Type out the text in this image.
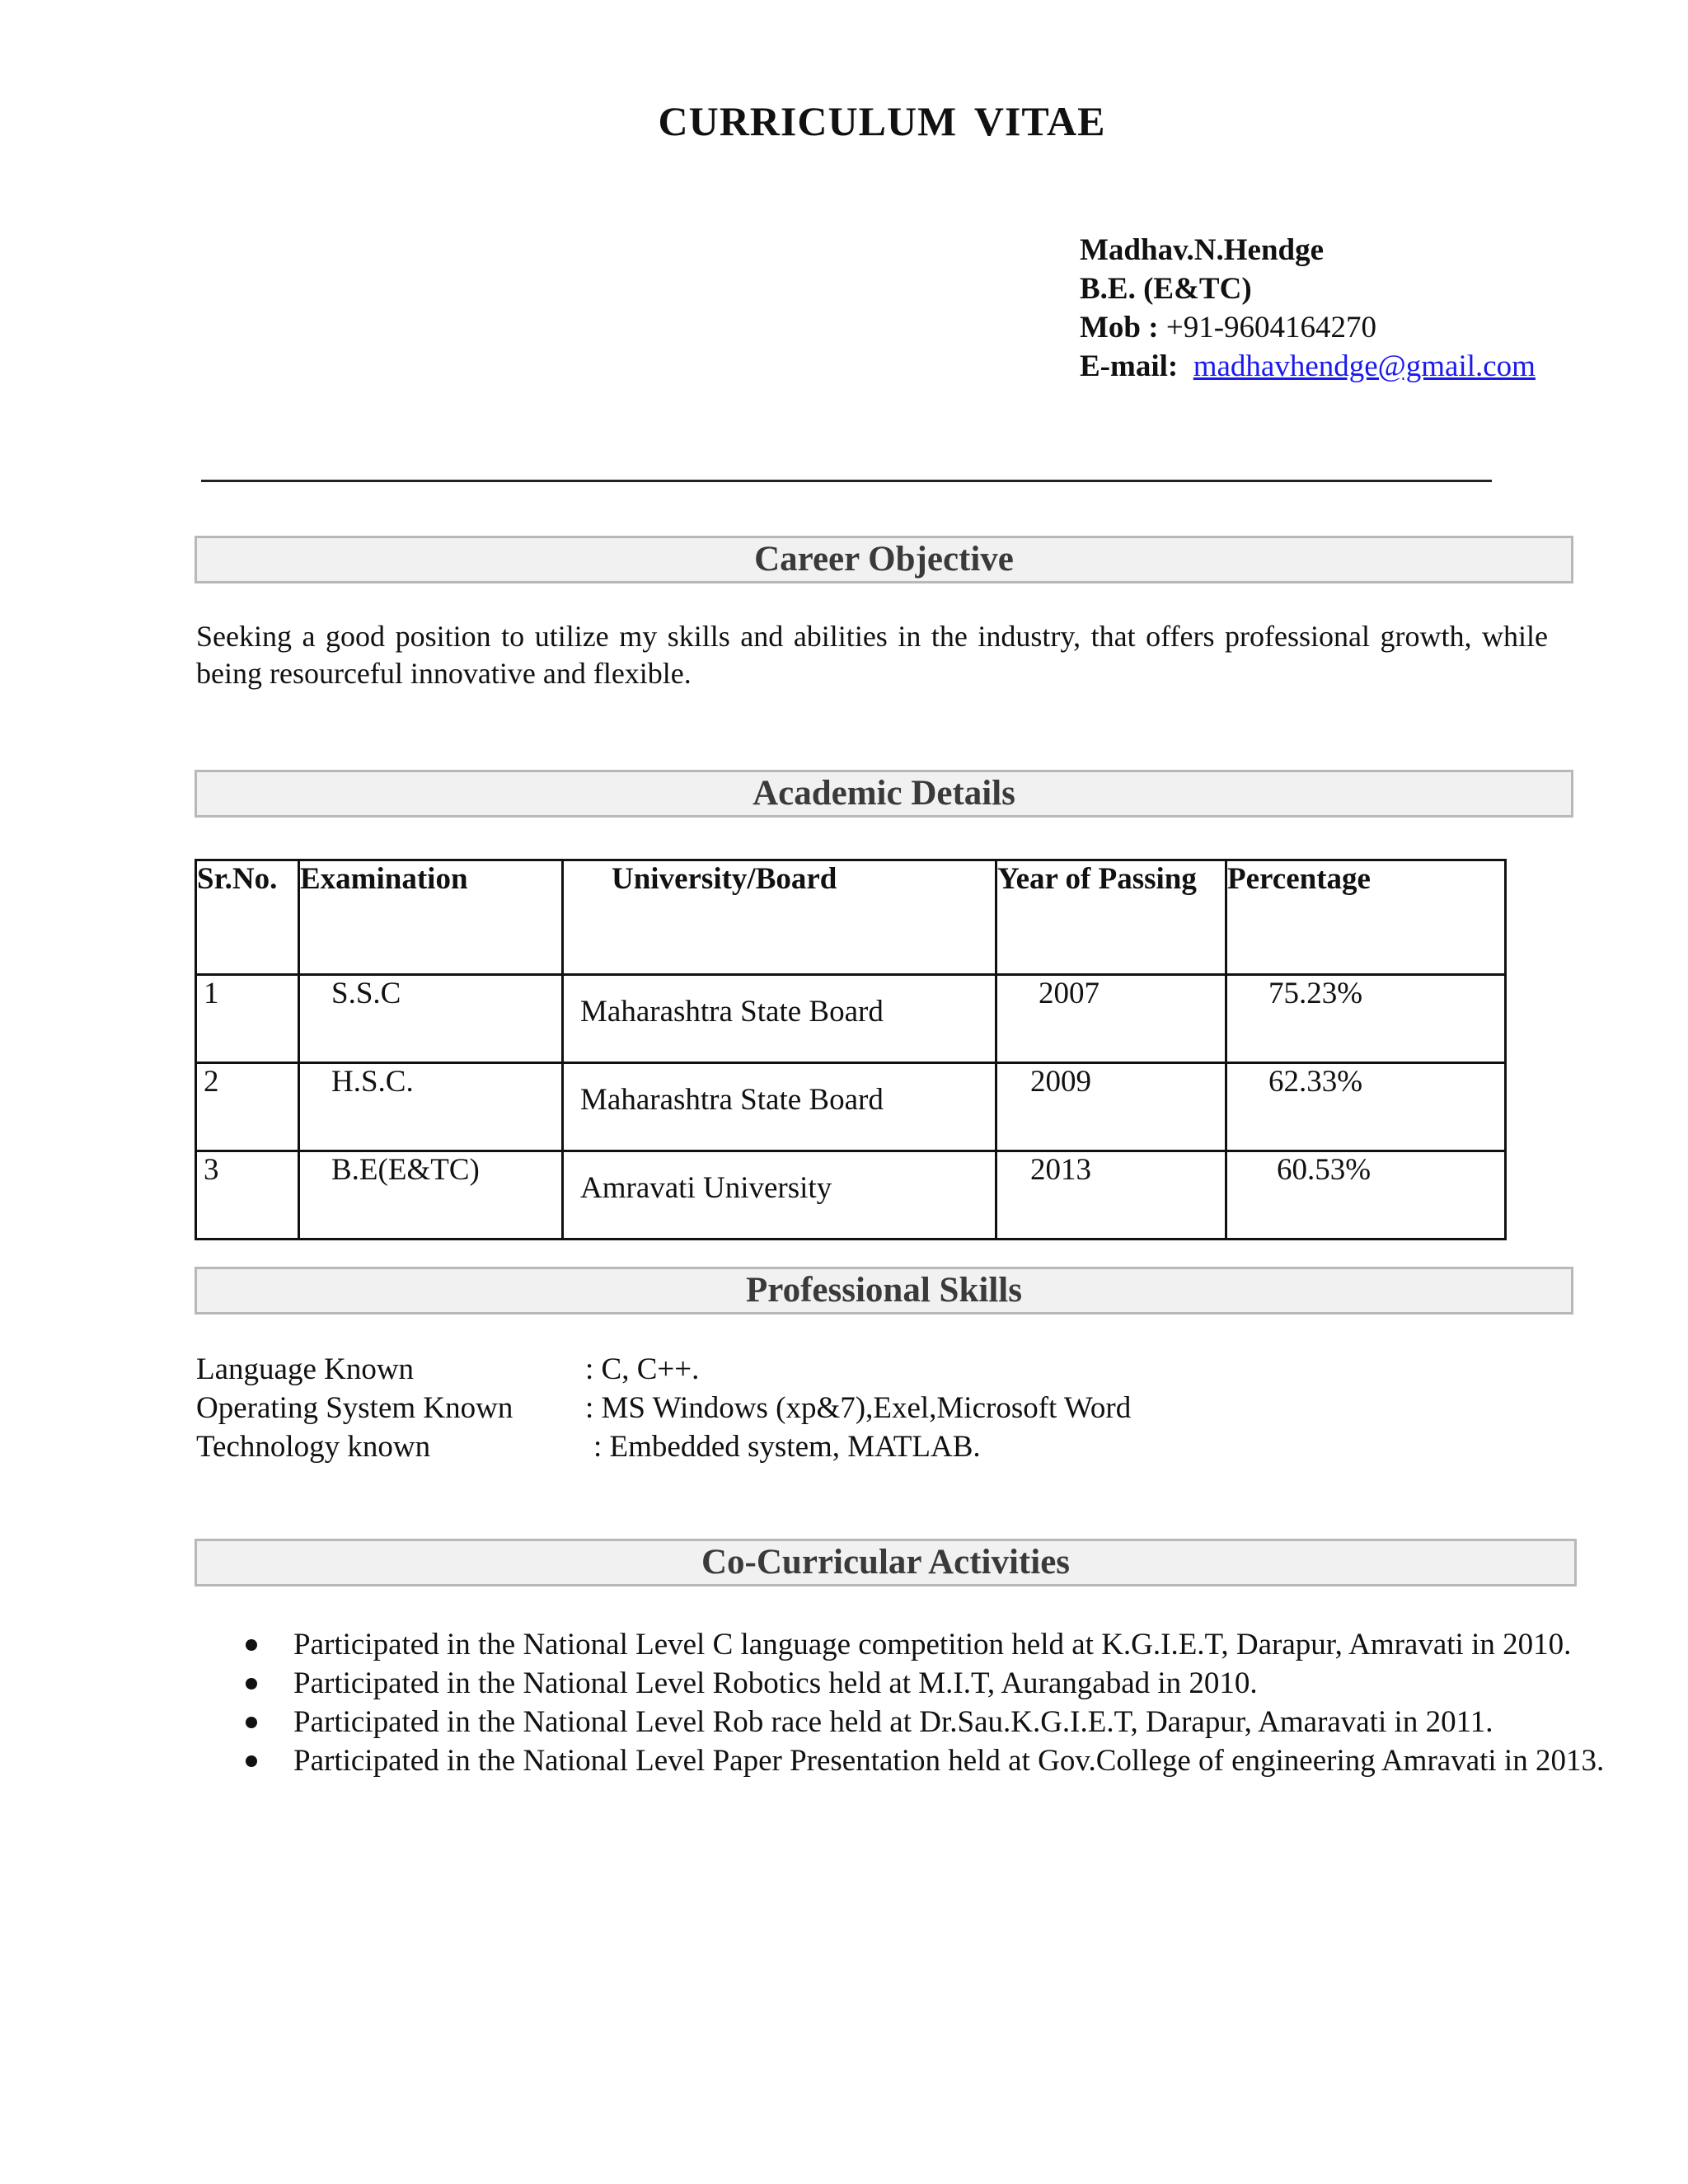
CURRICULUM VITAE
Madhav.N.Hendge
B.E. (E&TC)
Mob : +91-9604164270
E-mail: madhavhendge@gmail.com
Career Objective
Seeking a good position to utilize my skills and abilities in the industry, that offers professional growth, while being resourceful innovative and flexible.
Academic Details
Sr.No.	Examination	University/Board	Year of Passing	Percentage
1	S.S.C	Maharashtra State Board	2007	75.23%
2	H.S.C.	Maharashtra State Board	2009	62.33%
3	B.E(E&TC)	Amravati University	2013	60.53%
Professional Skills
Language Known	: C, C++.
Operating System Known : MS Windows (xp&7),Exel,Microsoft Word
Technology known	: Embedded system, MATLAB.
Co-Curricular Activities
Participated in the National Level C language competition held at K.G.I.E.T, Darapur, Amravati in 2010.
Participated in the National Level Robotics held at M.I.T, Aurangabad in 2010.
Participated in the National Level Rob race held at Dr.Sau.K.G.I.E.T, Darapur, Amaravati in 2011.
Participated in the National Level Paper Presentation held at Gov.College of engineering Amravati in 2013.
